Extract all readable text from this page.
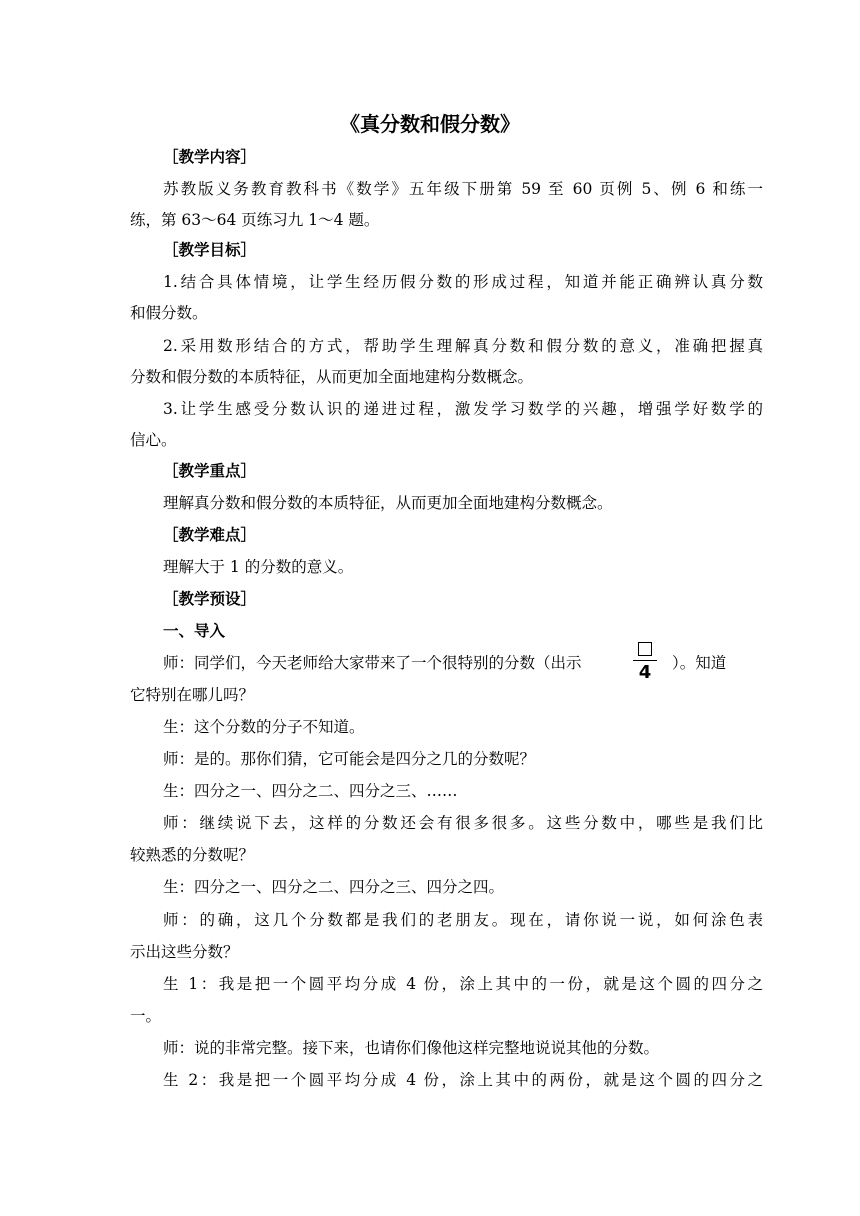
《真分数和假分数》
［教学内容］
苏教版义务教育教科书《数学》五年级下册第 59 至 60 页例 5、例 6 和练一
练，第 63～64 页练习九 1～4 题。
［教学目标］
1.结合具体情境，让学生经历假分数的形成过程，知道并能正确辨认真分数
和假分数。
2.采用数形结合的方式，帮助学生理解真分数和假分数的意义，准确把握真
分数和假分数的本质特征，从而更加全面地建构分数概念。
3.让学生感受分数认识的递进过程，激发学习数学的兴趣，增强学好数学的
信心。
［教学重点］
理解真分数和假分数的本质特征，从而更加全面地建构分数概念。
［教学难点］
理解大于 1 的分数的意义。
［教学预设］
一、导入
师：同学们，今天老师给大家带来了一个很特别的分数（出示	4	）。知道
它特别在哪儿吗？
生：这个分数的分子不知道。
师：是的。那你们猜，它可能会是四分之几的分数呢？
生：四分之一、四分之二、四分之三、……
师：继续说下去，这样的分数还会有很多很多。这些分数中，哪些是我们比
较熟悉的分数呢？
生：四分之一、四分之二、四分之三、四分之四。
师：的确，这几个分数都是我们的老朋友。现在，请你说一说，如何涂色表
示出这些分数？
生 1：我是把一个圆平均分成 4 份，涂上其中的一份，就是这个圆的四分之
一。
师：说的非常完整。接下来，也请你们像他这样完整地说说其他的分数。
生 2：我是把一个圆平均分成 4 份，涂上其中的两份，就是这个圆的四分之
